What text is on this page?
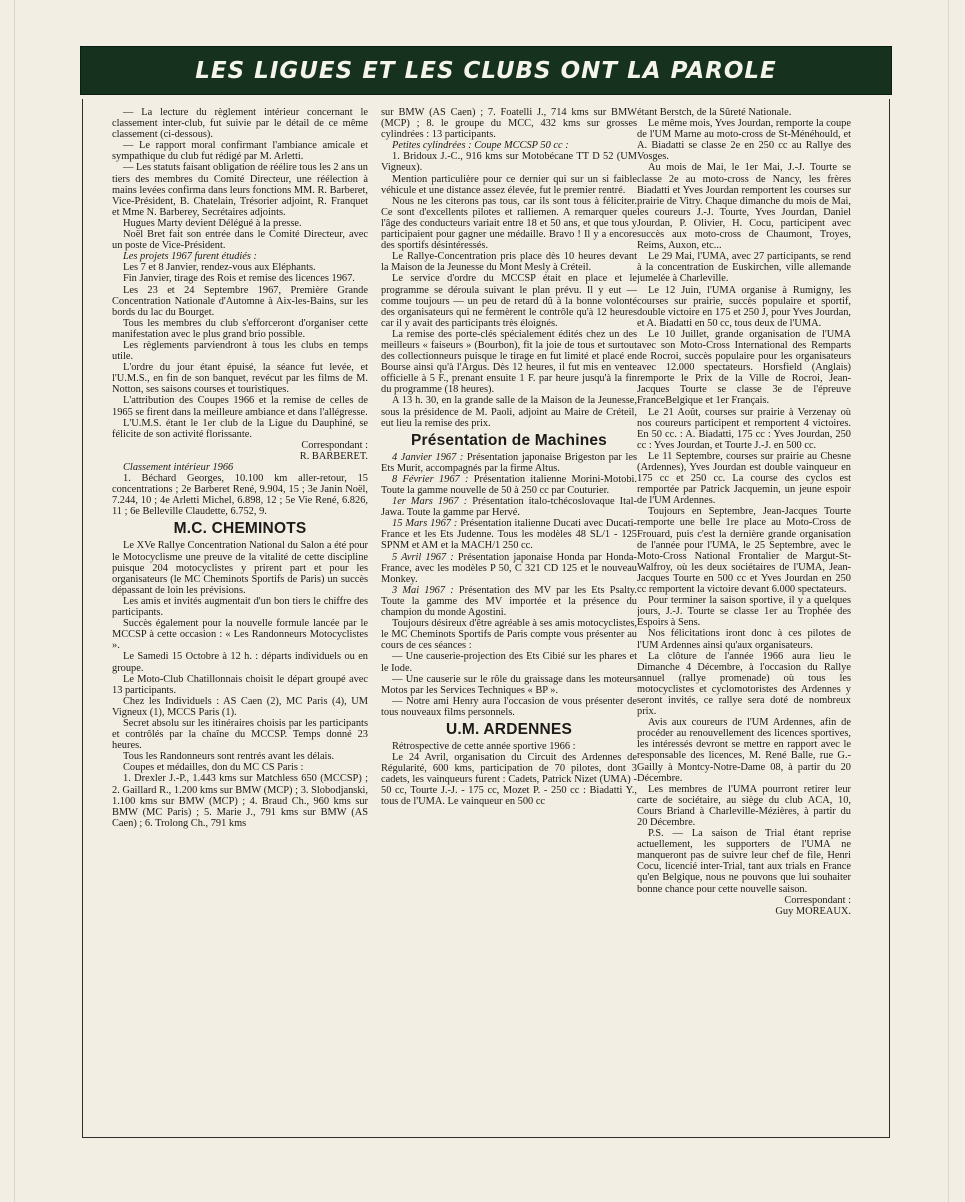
LES LIGUES ET LES CLUBS ONT LA PAROLE

— La lecture du règlement intérieur concernant le classement inter-club, fut suivie par le détail de ce même classement (ci-dessous).

— Le rapport moral confirmant l'ambiance amicale et sympathique du club fut rédigé par M. Arletti.

— Les statuts faisant obligation de réélire tous les 2 ans un tiers des membres du Comité Directeur, une réélection à mains levées confirma dans leurs fonctions MM. R. Barberet, Vice-Président, B. Chatelain, Trésorier adjoint, R. Franquet et Mme N. Barberey, Secrétaires adjoints.

Hugues Marty devient Délégué à la presse.

Noël Bret fait son entrée dans le Comité Directeur, avec un poste de Vice-Président.

Les projets 1967 furent étudiés :

Les 7 et 8 Janvier, rendez-vous aux Eléphants.

Fin Janvier, tirage des Rois et remise des licences 1967.

Les 23 et 24 Septembre 1967, Première Grande Concentration Nationale d'Automne à Aix-les-Bains, sur les bords du lac du Bourget.

Tous les membres du club s'efforceront d'organiser cette manifestation avec le plus grand brio possible.

Les règlements parviendront à tous les clubs en temps utile.

L'ordre du jour étant épuisé, la séance fut levée, et l'U.M.S., en fin de son banquet, revécut par les films de M. Notton, ses saisons courses et touristiques.

L'attribution des Coupes 1966 et la remise de celles de 1965 se firent dans la meilleure ambiance et dans l'allégresse.

L'U.M.S. étant le 1er club de la Ligue du Dauphiné, se félicite de son activité florissante.

Correspondant :

R. BARBERET.

Classement intérieur 1966

1. Béchard Georges, 10.100 km aller-retour, 15 concentrations ; 2e Barberet René, 9.904, 15 ; 3e Janin Noël, 7.244, 10 ; 4e Arletti Michel, 6.898, 12 ; 5e Vie René, 6.826, 11 ; 6e Belleville Claudette, 6.752, 9.

M.C. CHEMINOTS

Le XVe Rallye Concentration National du Salon a été pour le Motocyclisme une preuve de la vitalité de cette discipline puisque 204 motocyclistes y prirent part et pour les organisateurs (le MC Cheminots Sportifs de Paris) un succès dépassant de loin les prévisions.

Les amis et invités augmentait d'un bon tiers le chiffre des participants.

Succès également pour la nouvelle formule lancée par le MCCSP à cette occasion : « Les Randonneurs Motocyclistes ».

Le Samedi 15 Octobre à 12 h. : départs individuels ou en groupe.

Le Moto-Club Chatillonnais choisit le départ groupé avec 13 participants.

Chez les Individuels : AS Caen (2), MC Paris (4), UM Vigneux (1), MCCS Paris (1).

Secret absolu sur les itinéraires choisis par les participants et contrôlés par la chaîne du MCCSP. Temps donné 23 heures.

Tous les Randonneurs sont rentrés avant les délais.

Coupes et médailles, don du MC CS Paris :

1. Drexler J.-P., 1.443 kms sur Matchless 650 (MCCSP) ; 2. Gaillard R., 1.200 kms sur BMW (MCP) ; 3. Slobodjanski, 1.100 kms sur BMW (MCP) ; 4. Braud Ch., 960 kms sur BMW (MC Paris) ; 5. Marie J., 791 kms sur BMW (AS Caen) ; 6. Trolong Ch., 791 kms

sur BMW (AS Caen) ; 7. Foatelli J., 714 kms sur BMW (MCP) ; 8. le groupe du MCC, 432 kms sur grosses cylindrées : 13 participants.

Petites cylindrées : Coupe MCCSP 50 cc :

1. Bridoux J.-C., 916 kms sur Motobécane TT D 52 (UM Vigneux).

Mention particulière pour ce dernier qui sur un si faible véhicule et une distance assez élevée, fut le premier rentré.

Nous ne les citerons pas tous, car ils sont tous à féliciter. Ce sont d'excellents pilotes et ralliemen. A remarquer que l'âge des conducteurs variait entre 18 et 50 ans, et que tous y participaient pour gagner une médaille. Bravo ! Il y a encore des sportifs désintéressés.

Le Rallye-Concentration pris place dès 10 heures devant la Maison de la Jeunesse du Mont Mesly à Créteil.

Le service d'ordre du MCCSP était en place et le programme se déroula suivant le plan prévu. Il y eut — comme toujours — un peu de retard dû à la bonne volonté des organisateurs qui ne fermèrent le contrôle qu'à 12 heures car il y avait des participants très éloignés.

La remise des porte-clés spécialement édités chez un des meilleurs « faiseurs » (Bourbon), fit la joie de tous et surtout des collectionneurs puisque le tirage en fut limité et placé en Bourse ainsi qu'à l'Argus. Dès 12 heures, il fut mis en vente officielle à 5 F., prenant ensuite 1 F. par heure jusqu'à la fin du programme (18 heures).

A 13 h. 30, en la grande salle de la Maison de la Jeunesse, sous la présidence de M. Paoli, adjoint au Maire de Créteil, eut lieu la remise des prix.

Présentation de Machines

4 Janvier 1967 : Présentation japonaise Brigeston par les Ets Murit, accompagnés par la firme Altus.

8 Février 1967 : Présentation italienne Morini-Motobi. Toute la gamme nouvelle de 50 à 250 cc par Couturier.

1er Mars 1967 : Présentation italo-tchécoslovaque Ital-Jawa. Toute la gamme par Hervé.

15 Mars 1967 : Présentation italienne Ducati avec Ducati-France et les Ets Judenne. Tous les modèles 48 SL/1 - 125 SPNM et AM et la MACH/1 250 cc.

5 Avril 1967 : Présentation japonaise Honda par Honda-France, avec les modèles P 50, C 321 CD 125 et le nouveau Monkey.

3 Mai 1967 : Présentation des MV par les Ets Psalty. Toute la gamme des MV importée et la présence du champion du monde Agostini.

Toujours désireux d'être agréable à ses amis motocyclistes, le MC Cheminots Sportifs de Paris compte vous présenter au cours de ces séances :

— Une causerie-projection des Ets Cibié sur les phares et le Iode.

— Une causerie sur le rôle du graissage dans les moteurs Motos par les Services Techniques « BP ».

— Notre ami Henry aura l'occasion de vous présenter de tous nouveaux films personnels.

U.M. ARDENNES

Rétrospective de cette année sportive 1966 :

Le 24 Avril, organisation du Circuit des Ardennes de Régularité, 600 kms, participation de 70 pilotes, dont 3 cadets, les vainqueurs furent : Cadets, Patrick Nizet (UMA) - 50 cc, Tourte J.-J. - 175 cc, Mozet P. - 250 cc : Biadatti Y., tous de l'UMA. Le vainqueur en 500 cc

étant Berstch, de la Sûreté Nationale.

Le même mois, Yves Jourdan, remporte la coupe de l'UM Marne au moto-cross de St-Ménéhould, et A. Biadatti se classe 2e en 250 cc au Rallye des Vosges.

Au mois de Mai, le 1er Mai, J.-J. Tourte se classe 2e au moto-cross de Nancy, les frères Biadatti et Yves Jourdan remportent les courses sur prairie de Vitry. Chaque dimanche du mois de Mai, les coureurs J.-J. Tourte, Yves Jourdan, Daniel Jourdan, P. Olivier, H. Cocu, participent avec succès aux moto-cross de Chaumont, Troyes, Reims, Auxon, etc...

Le 29 Mai, l'UMA, avec 27 participants, se rend à la concentration de Euskirchen, ville allemande jumelée à Charleville.

Le 12 Juin, l'UMA organise à Rumigny, les courses sur prairie, succès populaire et sportif, double victoire en 175 et 250 J, pour Yves Jourdan, et A. Biadatti en 50 cc, tous deux de l'UMA.

Le 10 Juillet, grande organisation de l'UMA avec son Moto-Cross International des Remparts de Rocroi, succès populaire pour les organisateurs avec 12.000 spectateurs. Horsfield (Anglais) remporte le Prix de la Ville de Rocroi, Jean-Jacques Tourte se classe 3e de l'épreuve FranceBelgique et 1er Français.

Le 21 Août, courses sur prairie à Verzenay où nos coureurs participent et remportent 4 victoires. En 50 cc. : A. Biadatti, 175 cc : Yves Jourdan, 250 cc : Yves Jourdan, et Tourte J.-J. en 500 cc.

Le 11 Septembre, courses sur prairie au Chesne (Ardennes), Yves Jourdan est double vainqueur en 175 cc et 250 cc. La course des cyclos est remportée par Patrick Jacquemin, un jeune espoir de l'UM Ardennes.

Toujours en Septembre, Jean-Jacques Tourte remporte une belle 1re place au Moto-Cross de Frouard, puis c'est la dernière grande organisation de l'année pour l'UMA, le 25 Septembre, avec le Moto-Cross National Frontalier de Margut-St-Walfroy, où les deux sociétaires de l'UMA, Jean-Jacques Tourte en 500 cc et Yves Jourdan en 250 cc remportent la victoire devant 6.000 spectateurs.

Pour terminer la saison sportive, il y a quelques jours, J.-J. Tourte se classe 1er au Trophée des Espoirs à Sens.

Nos félicitations iront donc à ces pilotes de l'UM Ardennes ainsi qu'aux organisateurs.

La clôture de l'année 1966 aura lieu le Dimanche 4 Décembre, à l'occasion du Rallye annuel (rallye promenade) où tous les motocyclistes et cyclomotoristes des Ardennes y seront invités, ce rallye sera doté de nombreux prix.

Avis aux coureurs de l'UM Ardennes, afin de procéder au renouvellement des licences sportives, les intéressés devront se mettre en rapport avec le responsable des licences, M. René Balle, rue G.-Gailly à Montcy-Notre-Dame 08, à partir du 20 Décembre.

Les membres de l'UMA pourront retirer leur carte de sociétaire, au siège du club ACA, 10, Cours Briand à Charleville-Mézières, à partir du 20 Décembre.

P.S. — La saison de Trial étant reprise actuellement, les supporters de l'UMA ne manqueront pas de suivre leur chef de file, Henri Cocu, licencié inter-Trial, tant aux trials en France qu'en Belgique, nous ne pouvons que lui souhaiter bonne chance pour cette nouvelle saison.

Correspondant :

Guy MOREAUX.
